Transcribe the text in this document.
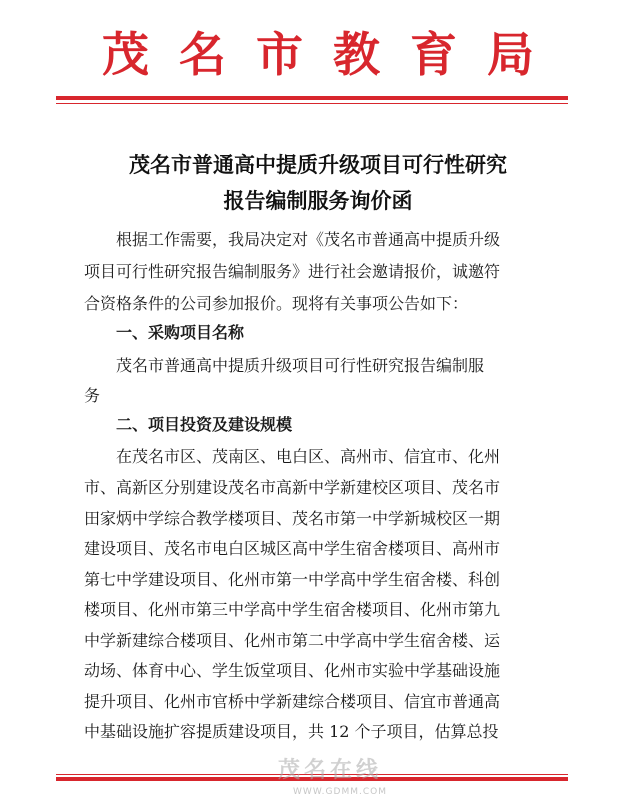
茂名市教育局
茂名市普通高中提质升级项目可行性研究
报告编制服务询价函
根据工作需要，我局决定对《茂名市普通高中提质升级
项目可行性研究报告编制服务》进行社会邀请报价，诚邀符
合资格条件的公司参加报价。现将有关事项公告如下：
一、采购项目名称
茂名市普通高中提质升级项目可行性研究报告编制服
务
二、项目投资及建设规模
在茂名市区、茂南区、电白区、高州市、信宜市、化州
市、高新区分别建设茂名市高新中学新建校区项目、茂名市
田家炳中学综合教学楼项目、茂名市第一中学新城校区一期
建设项目、茂名市电白区城区高中学生宿舍楼项目、高州市
第七中学建设项目、化州市第一中学高中学生宿舍楼、科创
楼项目、化州市第三中学高中学生宿舍楼项目、化州市第九
中学新建综合楼项目、化州市第二中学高中学生宿舍楼、运
动场、体育中心、学生饭堂项目、化州市实验中学基础设施
提升项目、化州市官桥中学新建综合楼项目、信宜市普通高
中基础设施扩容提质建设项目，共 12 个子项目，估算总投
茂名在线
WWW.GDMM.COM
